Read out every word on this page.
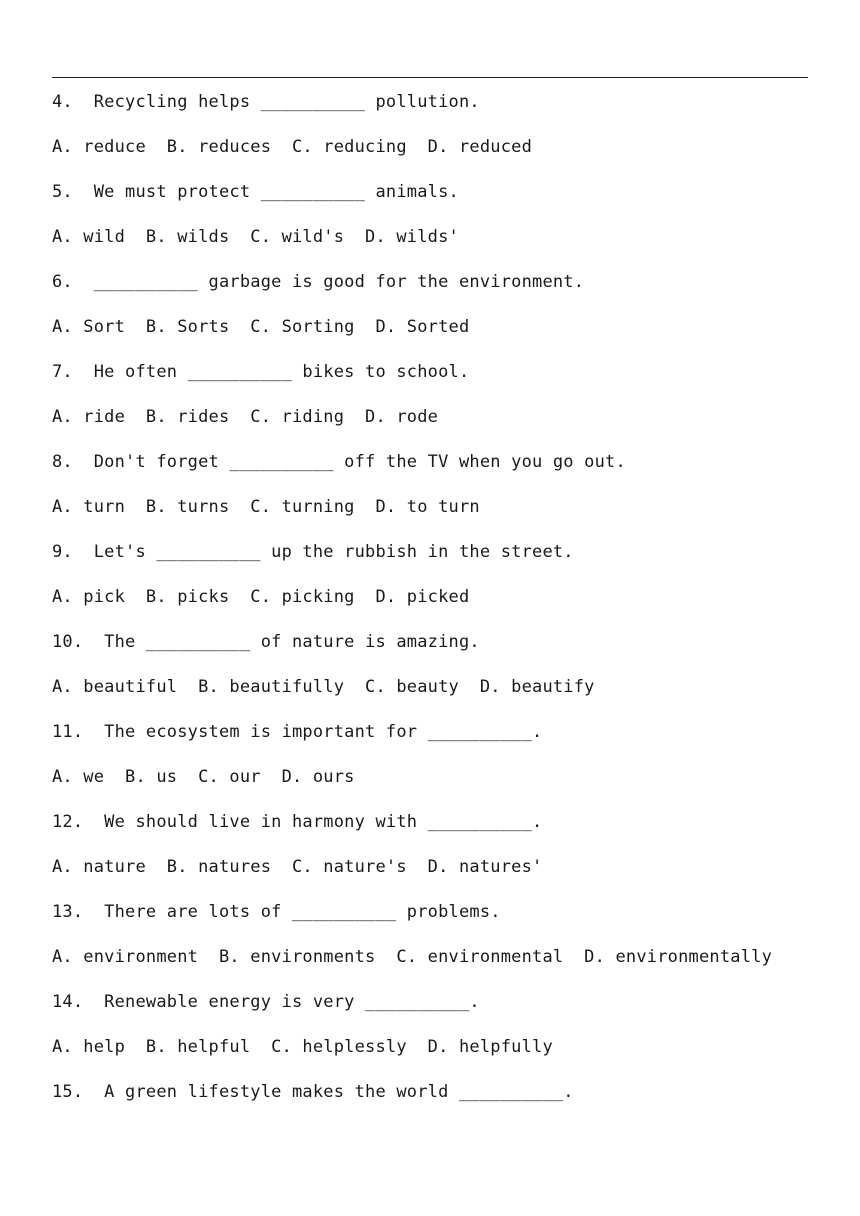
4.  Recycling helps __________ pollution.
A. reduce  B. reduces  C. reducing  D. reduced
5.  We must protect __________ animals.
A. wild  B. wilds  C. wild's  D. wilds'
6.  __________ garbage is good for the environment.
A. Sort  B. Sorts  C. Sorting  D. Sorted
7.  He often __________ bikes to school.
A. ride  B. rides  C. riding  D. rode
8.  Don't forget __________ off the TV when you go out.
A. turn  B. turns  C. turning  D. to turn
9.  Let's __________ up the rubbish in the street.
A. pick  B. picks  C. picking  D. picked
10.  The __________ of nature is amazing.
A. beautiful  B. beautifully  C. beauty  D. beautify
11.  The ecosystem is important for __________.
A. we  B. us  C. our  D. ours
12.  We should live in harmony with __________.
A. nature  B. natures  C. nature's  D. natures'
13.  There are lots of __________ problems.
A. environment  B. environments  C. environmental  D. environmentally
14.  Renewable energy is very __________.
A. help  B. helpful  C. helplessly  D. helpfully
15.  A green lifestyle makes the world __________.
